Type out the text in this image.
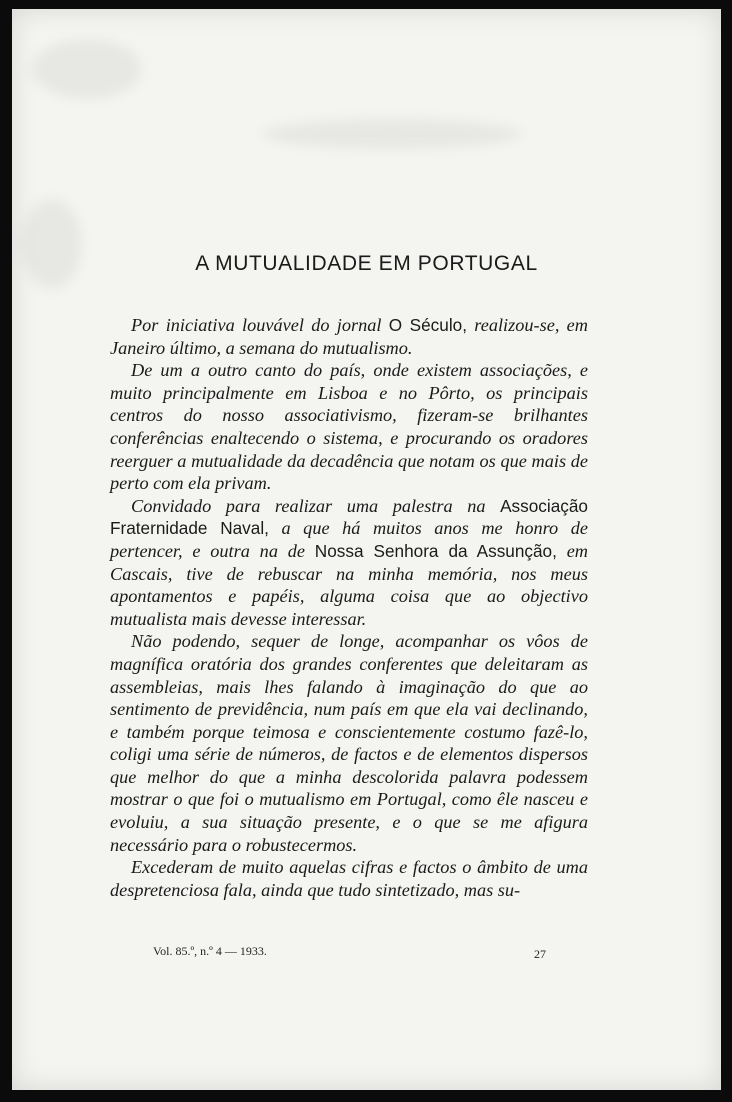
A MUTUALIDADE EM PORTUGAL

Por iniciativa louvável do jornal O Século, realizou-se, em Janeiro último, a semana do mutualismo.

De um a outro canto do país, onde existem associações, e muito principalmente em Lisboa e no Pôrto, os principais centros do nosso associativismo, fizeram-se brilhantes conferências enaltecendo o sistema, e procurando os oradores reerguer a mutualidade da decadência que notam os que mais de perto com ela privam.

Convidado para realizar uma palestra na Associação Fraternidade Naval, a que há muitos anos me honro de pertencer, e outra na de Nossa Senhora da Assunção, em Cascais, tive de rebuscar na minha memória, nos meus apontamentos e papéis, alguma coisa que ao objectivo mutualista mais devesse interessar.

Não podendo, sequer de longe, acompanhar os vôos de magnífica oratória dos grandes conferentes que deleitaram as assembleias, mais lhes falando à imaginação do que ao sentimento de previdência, num país em que ela vai declinando, e também porque teimosa e conscientemente costumo fazê-lo, coligi uma série de números, de factos e de elementos dispersos que melhor do que a minha descolorida palavra podessem mostrar o que foi o mutualismo em Portugal, como êle nasceu e evoluiu, a sua situação presente, e o que se me afigura necessário para o robustecermos.

Excederam de muito aquelas cifras e factos o âmbito de uma despretenciosa fala, ainda que tudo sintetizado, mas su-

Vol. 85.º, n.º 4 — 1933.	27
